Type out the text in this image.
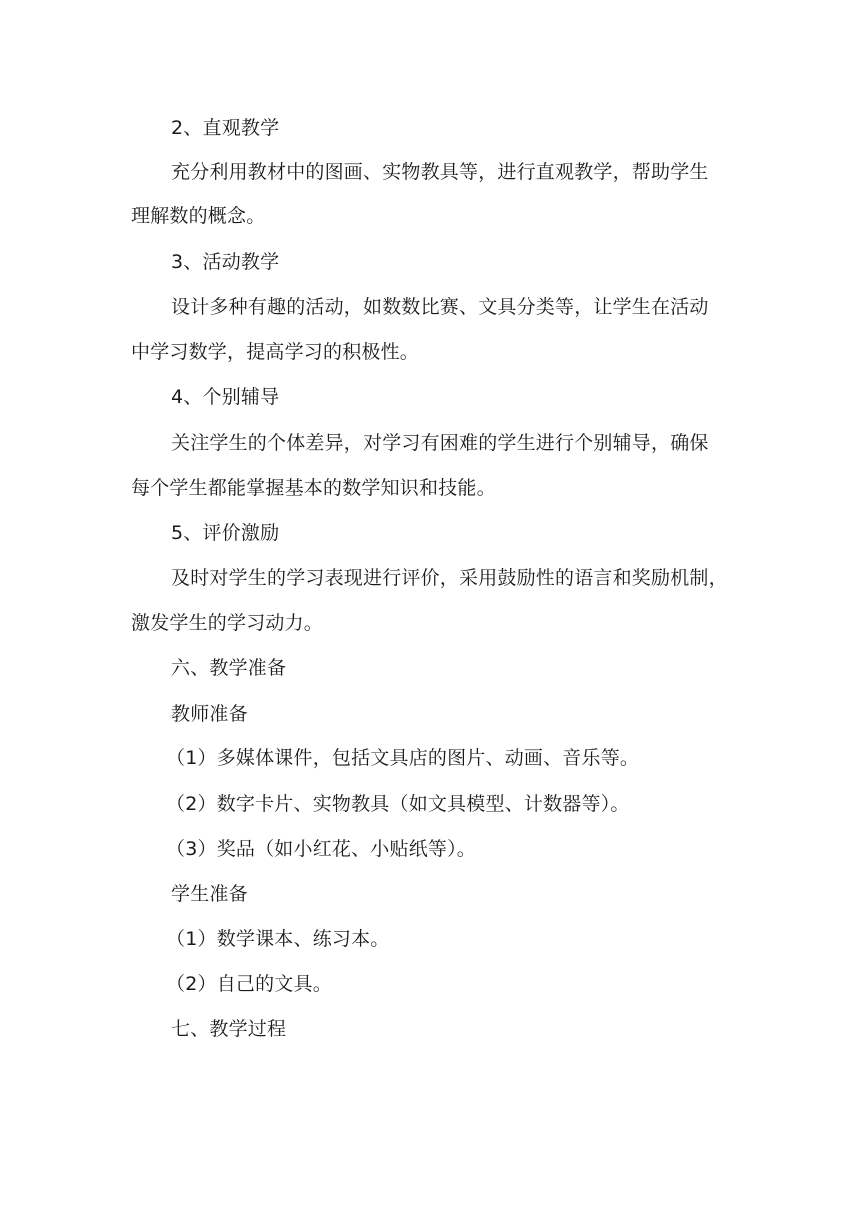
2、直观教学
充分利用教材中的图画、实物教具等，进行直观教学，帮助学生
理解数的概念。
3、活动教学
设计多种有趣的活动，如数数比赛、文具分类等，让学生在活动
中学习数学，提高学习的积极性。
4、个别辅导
关注学生的个体差异，对学习有困难的学生进行个别辅导，确保
每个学生都能掌握基本的数学知识和技能。
5、评价激励
及时对学生的学习表现进行评价，采用鼓励性的语言和奖励机制，
激发学生的学习动力。
六、教学准备
教师准备
（1）多媒体课件，包括文具店的图片、动画、音乐等。
（2）数字卡片、实物教具（如文具模型、计数器等）。
（3）奖品（如小红花、小贴纸等）。
学生准备
（1）数学课本、练习本。
（2）自己的文具。
七、教学过程
